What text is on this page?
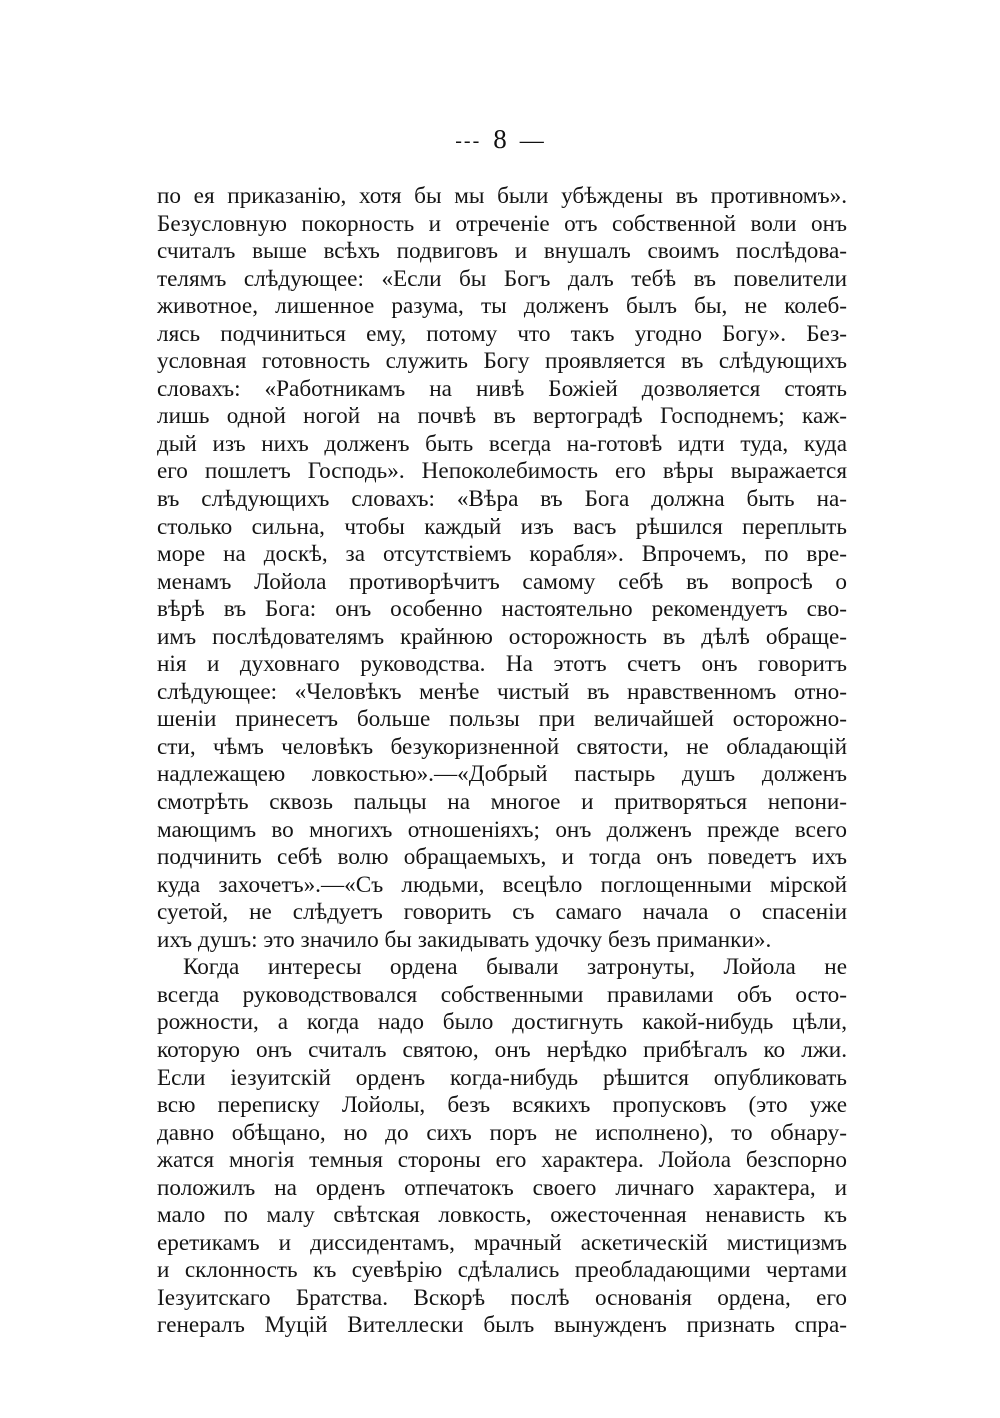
--- 8 —
по ея приказанію, хотя бы мы были убѣждены въ противномъ».
Безусловную покорность и отреченіе отъ собственной воли онъ
считалъ выше всѣхъ подвиговъ и внушалъ своимъ послѣдова-
телямъ слѣдующее: «Если бы Богъ далъ тебѣ въ повелители
животное, лишенное разума, ты долженъ былъ бы, не колеб-
лясь подчиниться ему, потому что такъ угодно Богу». Без-
условная готовность служить Богу проявляется въ слѣдующихъ
словахъ: «Работникамъ на нивѣ Божіей дозволяется стоять
лишь одной ногой на почвѣ въ вертоградѣ Господнемъ; каж-
дый изъ нихъ долженъ быть всегда на-готовѣ идти туда, куда
его пошлетъ Господь». Непоколебимость его вѣры выражается
въ слѣдующихъ словахъ: «Вѣра въ Бога должна быть на-
столько сильна, чтобы каждый изъ васъ рѣшился переплыть
море на доскѣ, за отсутствіемъ корабля». Впрочемъ, по вре-
менамъ Лойола противорѣчитъ самому себѣ въ вопросѣ о
вѣрѣ въ Бога: онъ особенно настоятельно рекомендуетъ сво-
имъ послѣдователямъ крайнюю осторожность въ дѣлѣ обраще-
нія и духовнаго руководства. На этотъ счетъ онъ говоритъ
слѣдующее: «Человѣкъ менѣе чистый въ нравственномъ отно-
шеніи принесетъ больше пользы при величайшей осторожно-
сти, чѣмъ человѣкъ безукоризненной святости, не обладающій
надлежащею ловкостью».—«Добрый пастырь душъ долженъ
смотрѣть сквозь пальцы на многое и притворяться непони-
мающимъ во многихъ отношеніяхъ; онъ долженъ прежде всего
подчинить себѣ волю обращаемыхъ, и тогда онъ поведетъ ихъ
куда захочетъ».—«Съ людьми, всецѣло поглощенными мірской
суетой, не слѣдуетъ говорить съ самаго начала о спасеніи
ихъ душъ: это значило бы закидывать удочку безъ приманки».
Когда интересы ордена бывали затронуты, Лойола не
всегда руководствовался собственными правилами объ осто-
рожности, а когда надо было достигнуть какой-нибудь цѣли,
которую онъ считалъ святою, онъ нерѣдко прибѣгалъ ко лжи.
Если іезуитскій орденъ когда-нибудь рѣшится опубликовать
всю переписку Лойолы, безъ всякихъ пропусковъ (это уже
давно обѣщано, но до сихъ поръ не исполнено), то обнару-
жатся многія темныя стороны его характера. Лойола безспорно
положилъ на орденъ отпечатокъ своего личнаго характера, и
мало по малу свѣтская ловкость, ожесточенная ненависть къ
еретикамъ и диссидентамъ, мрачный аскетическій мистицизмъ
и склонность къ суевѣрію сдѣлались преобладающими чертами
Іезуитскаго Братства. Вскорѣ послѣ основанія ордена, его
генералъ Муцій Вителлески былъ вынужденъ признать спра-
